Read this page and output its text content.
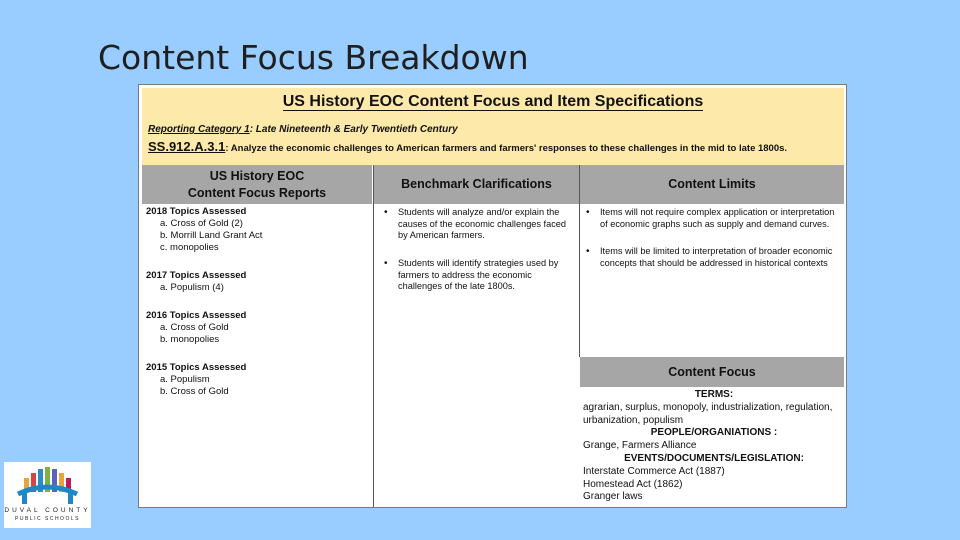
Content Focus Breakdown
US History EOC Content Focus and Item Specifications
Reporting Category 1: Late Nineteenth & Early Twentieth Century
SS.912.A.3.1: Analyze the economic challenges to American farmers and farmers' responses to these challenges in the mid to late 1800s.
US History EOC
Content Focus Reports
Benchmark Clarifications	Content Limits
2018 Topics Assessed
a. Cross of Gold (2)
b. Morrill Land Grant Act
c. monopolies
2017 Topics Assessed
a. Populism (4)
2016 Topics Assessed
a. Cross of Gold
b. monopolies
2015 Topics Assessed
a. Populism
b. Cross of Gold
• Students will analyze and/or explain the causes of the economic challenges faced by American farmers.
• Students will identify strategies used by farmers to address the economic challenges of the late 1800s.
• Items will not require complex application or interpretation of economic graphs such as supply and demand curves.
• Items will be limited to interpretation of broader economic concepts that should be addressed in historical contexts
Content Focus
TERMS:
agrarian, surplus, monopoly, industrialization, regulation, urbanization, populism
PEOPLE/ORGANIATIONS :
Grange, Farmers Alliance
EVENTS/DOCUMENTS/LEGISLATION:
Interstate Commerce Act (1887)
Homestead Act (1862)
Granger laws
DUVAL COUNTY
PUBLIC SCHOOLS
